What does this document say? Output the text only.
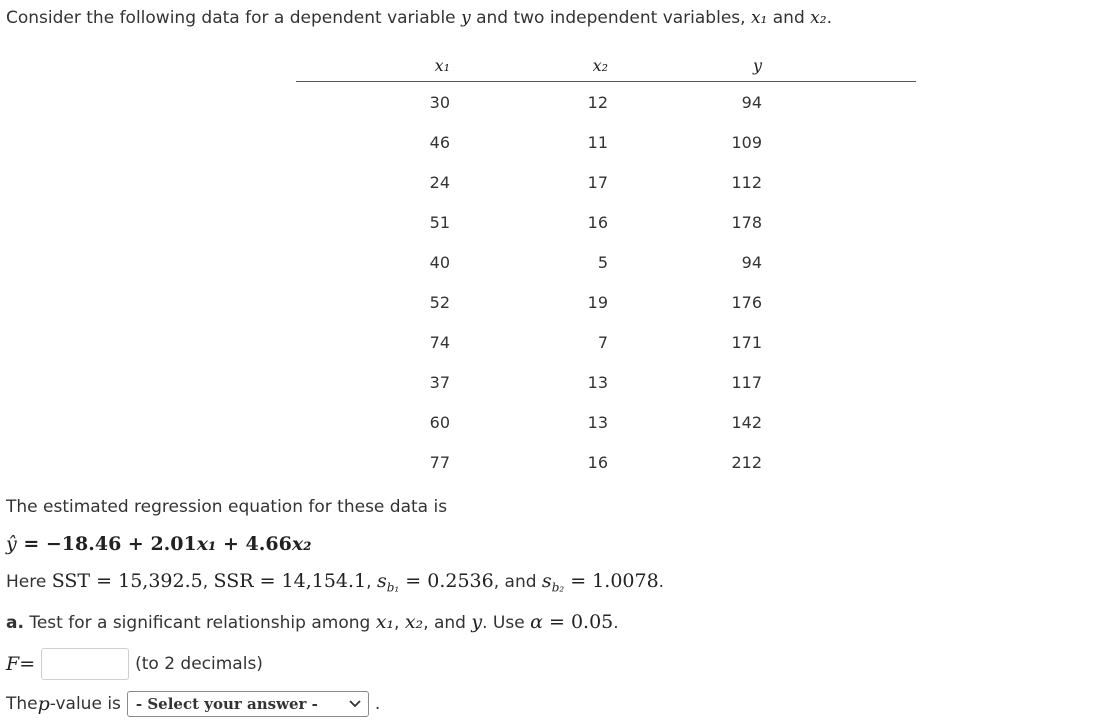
Consider the following data for a dependent variable y and two independent variables, x₁ and x₂.
x₁	x₂	y	
30	12	94	
46	11	109	
24	17	112	
51	16	178	
40	5	94	
52	19	176	
74	7	171	
37	13	117	
60	13	142	
77	16	212	
The estimated regression equation for these data is
ŷ = −18.46 + 2.01x₁ + 4.66x₂
Here SST = 15,392.5, SSR = 14,154.1, $s_{b_1} = 0.2536$, and $s_{b_2} = 1.0078$.
a. Test for a significant relationship among x₁, x₂, and y. Use α = 0.05.
F =	(to 2 decimals)
The p -value is - Select your answer -	.
